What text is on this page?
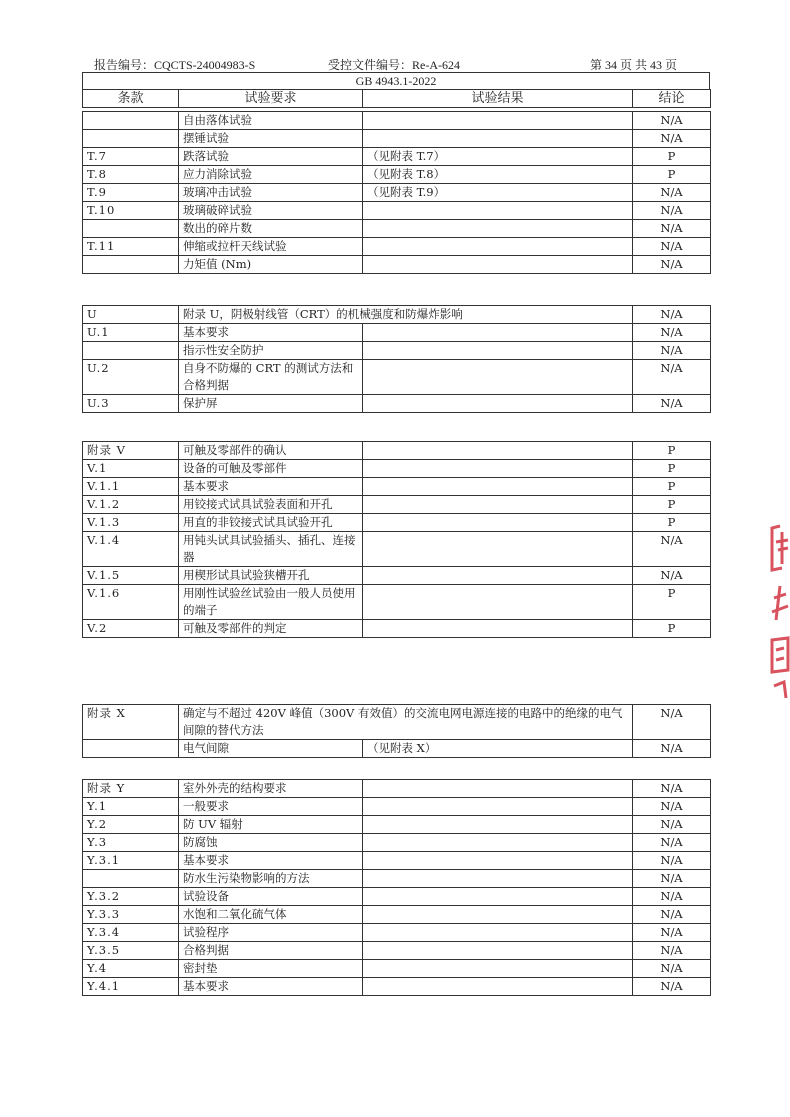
报告编号：CQCTS-24004983-S	受控文件编号：Re-A-624	第 34 页 共 43 页
GB 4943.1-2022
条款	试验要求	试验结果	结论
	自由落体试验		N/A
	摆锤试验		N/A
T.7	跌落试验	（见附表 T.7）	P
T.8	应力消除试验	（见附表 T.8）	P
T.9	玻璃冲击试验	（见附表 T.9）	N/A
T.10	玻璃破碎试验		N/A
	数出的碎片数		N/A
T.11	伸缩或拉杆天线试验		N/A
	力矩值 (Nm)		N/A
U	附录 U，阴极射线管（CRT）的机械强度和防爆炸影响		N/A
U.1	基本要求		N/A
	指示性安全防护		N/A
U.2	自身不防爆的 CRT 的测试方法和合格判据		N/A
U.3	保护屏		N/A
附录 V	可触及零部件的确认		P
V.1	设备的可触及零部件		P
V.1.1	基本要求		P
V.1.2	用铰接式试具试验表面和开孔		P
V.1.3	用直的非铰接式试具试验开孔		P
V.1.4	用钝头试具试验插头、插孔、连接器		N/A
V.1.5	用楔形试具试验狭槽开孔		N/A
V.1.6	用刚性试验丝试验由一般人员使用的端子		P
V.2	可触及零部件的判定		P
附录 X	确定与不超过 420V 峰值（300V 有效值）的交流电网电源连接的电路中的绝缘的电气间隙的替代方法		N/A
	电气间隙	（见附表 X）	N/A
附录 Y	室外外壳的结构要求		N/A
Y.1	一般要求		N/A
Y.2	防 UV 辐射		N/A
Y.3	防腐蚀		N/A
Y.3.1	基本要求		N/A
	防水生污染物影响的方法		N/A
Y.3.2	试验设备		N/A
Y.3.3	水饱和二氧化硫气体		N/A
Y.3.4	试验程序		N/A
Y.3.5	合格判据		N/A
Y.4	密封垫		N/A
Y.4.1	基本要求		N/A
